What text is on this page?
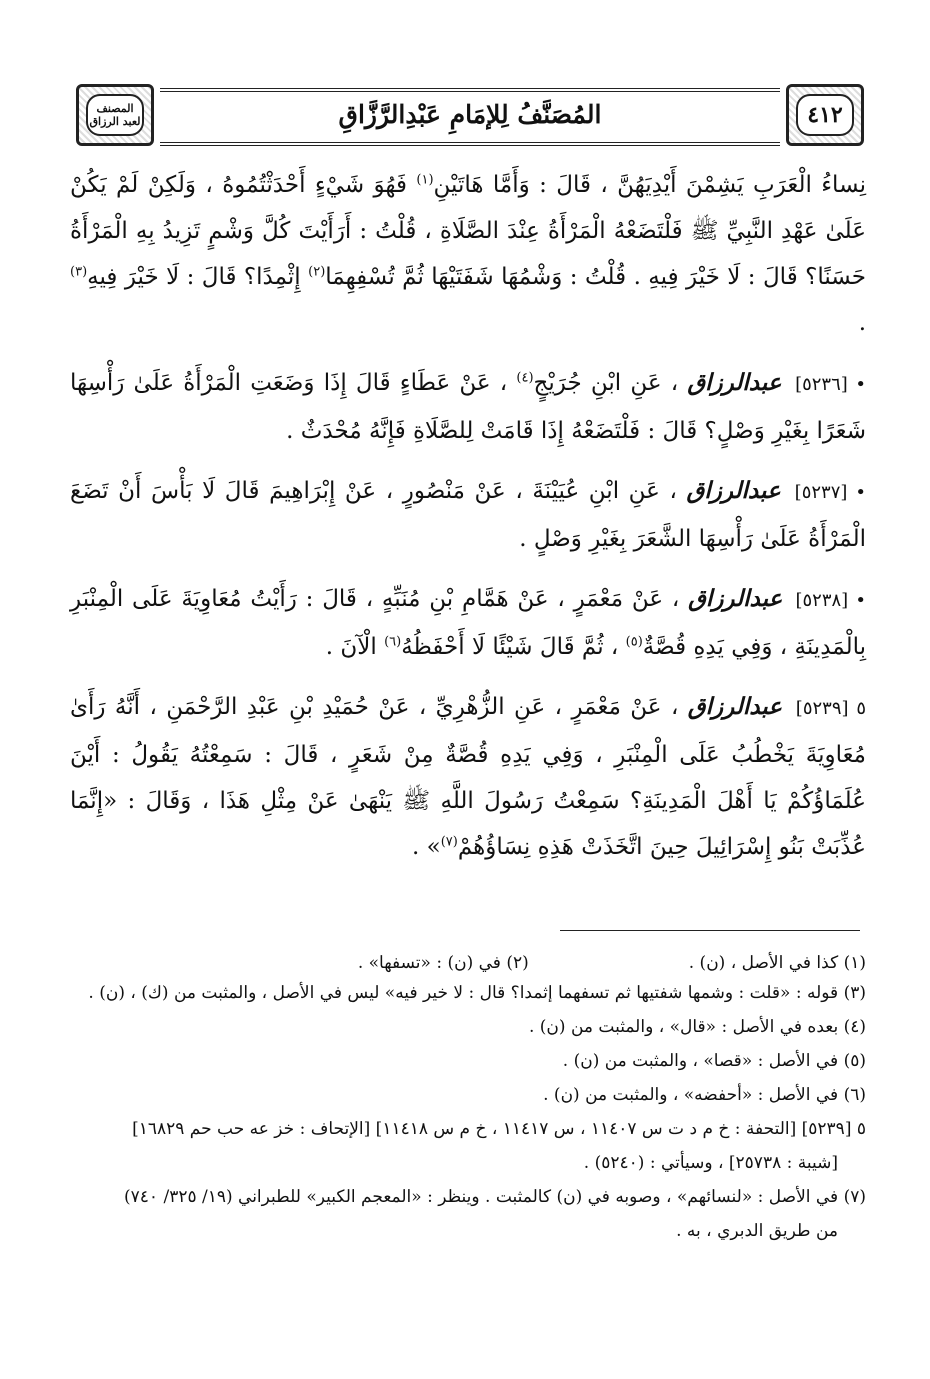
المُصَنَّفُ لِلإمَامِ عَبْدِالرَّزَّاقِ	٤١٢
المصنف لعبد الرزاق

نِساءُ الْعَرَبِ يَشِمْنَ أَيْدِيَهُنَّ ، قَالَ : وَأَمَّا هَاتَيْنِ$^{(١)}$ فَهُوَ شَيْءٍ أَحْدَثْتُمُوهُ ، وَلَكِنْ لَمْ يَكُنْ عَلَىٰ عَهْدِ النَّبِيِّ ﷺ فَلْتَضَعْهُ الْمَرْأَةُ عِنْدَ الصَّلَاةِ ، قُلْتُ : أَرَأَيْتَ كُلَّ وَشْمٍ تَزِيدُ بِهِ الْمَرْأَةُ حَسَنًا؟ قَالَ : لَا خَيْرَ فِيهِ . قُلْتُ : وَشْمُهَا شَفَتَيْهَا ثُمَّ تُسْفِهِمَا$^{(٢)}$ إِثْمِدًا؟ قَالَ : لَا خَيْرَ فِيهِ$^{(٣)}$ .

• [٥٢٣٦] عبدالرزاق ، عَنِ ابْنِ جُرَيْجٍ$^{(٤)}$ ، عَنْ عَطَاءٍ قَالَ إِذَا وَضَعَتِ الْمَرْأَةُ عَلَىٰ رَأْسِهَا شَعَرًا بِغَيْرِ وَصْلٍ؟ قَالَ : فَلْتَضَعْهُ إِذَا قَامَتْ لِلصَّلَاةِ فَإِنَّهُ مُحْدَثٌ .

• [٥٢٣٧] عبدالرزاق ، عَنِ ابْنِ عُيَيْنَةَ ، عَنْ مَنْصُورٍ ، عَنْ إِبْرَاهِيمَ قَالَ لَا بَأْسَ أَنْ تَضَعَ الْمَرْأَةُ عَلَىٰ رَأْسِهَا الشَّعَرَ بِغَيْرِ وَصْلٍ .

• [٥٢٣٨] عبدالرزاق ، عَنْ مَعْمَرٍ ، عَنْ هَمَّامِ بْنِ مُنَبِّهٍ ، قَالَ : رَأَيْتُ مُعَاوِيَةَ عَلَى الْمِنْبَرِ بِالْمَدِينَةِ ، وَفِي يَدِهِ قُصَّةٌ$^{(٥)}$ ، ثُمَّ قَالَ شَيْئًا لَا أَحْفَظُهُ$^{(٦)}$ الْآنَ .

٥ [٥٢٣٩] عبدالرزاق ، عَنْ مَعْمَرٍ ، عَنِ الزُّهْرِيِّ ، عَنْ حُمَيْدِ بْنِ عَبْدِ الرَّحْمَنِ ، أَنَّهُ رَأَىٰ مُعَاوِيَةَ يَخْطُبُ عَلَى الْمِنْبَرِ ، وَفِي يَدِهِ قُصَّةٌ مِنْ شَعَرٍ ، قَالَ : سَمِعْتُهُ يَقُولُ : أَيْنَ عُلَمَاؤُكُمْ يَا أَهْلَ الْمَدِينَةِ؟ سَمِعْتُ رَسُولَ اللَّهِ ﷺ يَنْهَىٰ عَنْ مِثْلِ هَذَا ، وَقَالَ : «إِنَّمَا عُذِّبَتْ بَنُو إِسْرَائِيلَ حِينَ اتَّخَذَتْ هَذِهِ نِسَاؤُهُمْ$^{(٧)}$» .

(١) كذا في الأصل ، (ن) .
(٢) في (ن) : «تسفها» .

(٣) قوله : «قلت : وشمها شفتيها ثم تسفهما إثمدا؟ قال : لا خير فيه» ليس في الأصل ، والمثبت من (ك) ، (ن) .

(٤) بعده في الأصل : «قال» ، والمثبت من (ن) .

(٥) في الأصل : «قصا» ، والمثبت من (ن) .

(٦) في الأصل : «أحفضه» ، والمثبت من (ن) .

٥ [٥٢٣٩] [التحفة : خ م د ت س ١١٤٠٧ ، س ١١٤١٧ ، خ م س ١١٤١٨] [الإتحاف : خز عه حب حم ١٦٨٢٩]

[شيبة : ٢٥٧٣٨] ، وسيأتي : (٥٢٤٠) .

(٧) في الأصل : «لنسائهم» ، وصوبه في (ن) كالمثبت . وينظر : «المعجم الكبير» للطبراني (١٩/ ٣٢٥/ ٧٤٠)

من طريق الدبري ، به .
